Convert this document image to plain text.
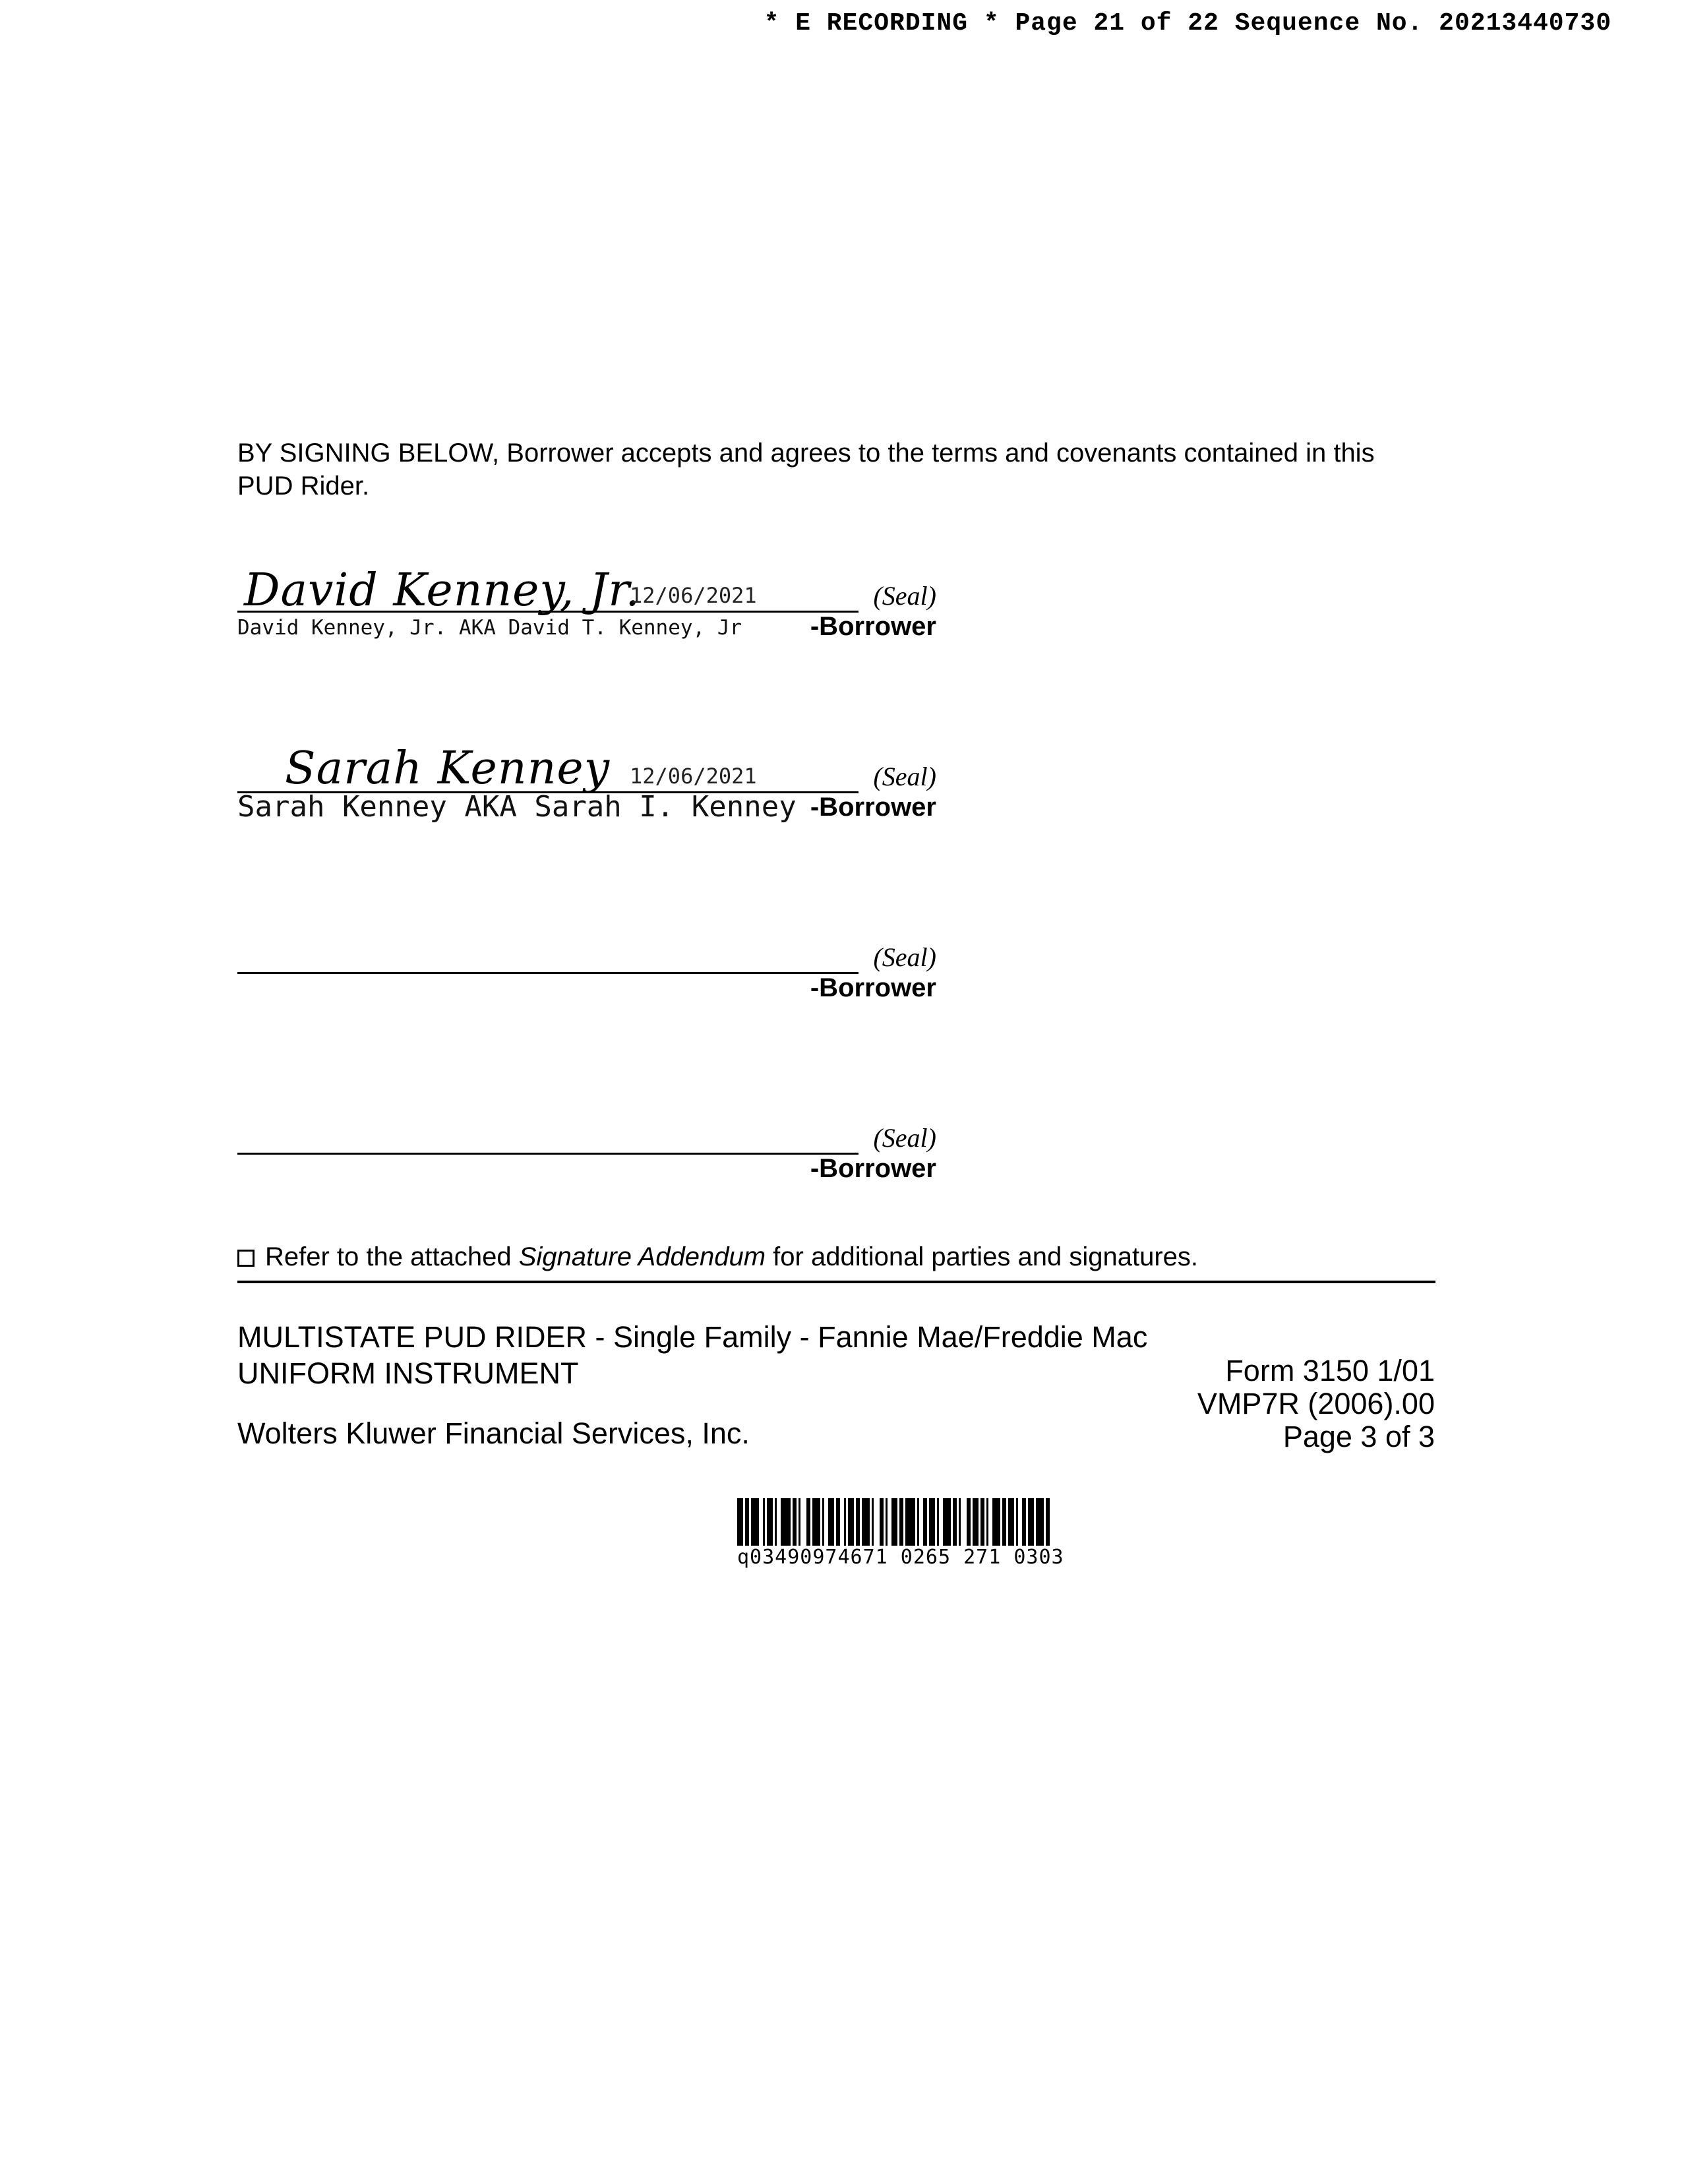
* E RECORDING * Page 21 of 22 Sequence No. 20213440730
BY SIGNING BELOW, Borrower accepts and agrees to the terms and covenants contained in this PUD Rider.
David Kenney, Jr.
12/06/2021	(Seal)
David Kenney, Jr. AKA David T. Kenney, Jr	-Borrower
Sarah Kenney 12/06/2021	(Seal)
Sarah Kenney AKA Sarah I. Kenney -Borrower
(Seal)
-Borrower
(Seal)
-Borrower
Refer to the attached Signature Addendum for additional parties and signatures.
MULTISTATE PUD RIDER - Single Family - Fannie Mae/Freddie Mac
UNIFORM INSTRUMENT	Form 3150 1/01
VMP7R (2006).00
Page 3 of 3
Wolters Kluwer Financial Services, Inc.
q03490974671 0265 271 0303
